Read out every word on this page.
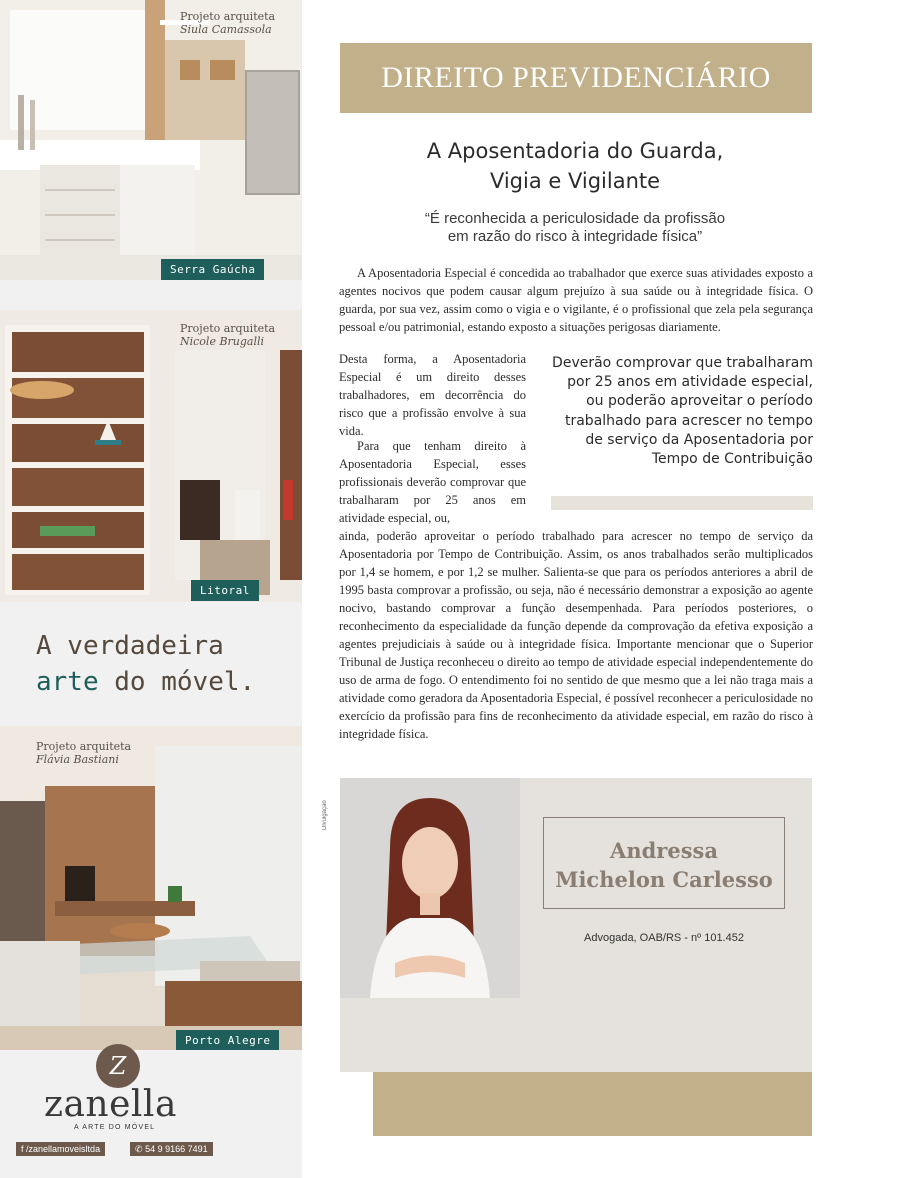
Projeto arquiteta
Siula Camassola
Serra Gaúcha
Projeto arquiteta
Nicole Brugalli
Litoral
A verdadeira
arte do móvel.
Projeto arquiteta
Flávia Bastiani
Porto Alegre
Z
zanella
A ARTE DO MÓVEL
f /zanellamoveisltda	✆ 54 9 9166 7491
DIREITO PREVIDENCIÁRIO
A Aposentadoria do Guarda,
Vigia e Vigilante
“É reconhecida a periculosidade da profissão
em razão do risco à integridade física”
A Aposentadoria Especial é concedida ao trabalhador que exerce suas atividades exposto a agentes nocivos que podem causar algum prejuízo à sua saúde ou à integridade física. O guarda, por sua vez, assim como o vigia e o vigilante, é o profissional que zela pela segurança pessoal e/ou patrimonial, estando exposto a situações perigosas diariamente.
Desta forma, a Aposentadoria Especial é um direito desses trabalhadores, em decorrência do risco que a profissão envolve à sua vida.
Para que tenham direito à Aposentadoria Especial, esses profissionais deverão comprovar que trabalharam por 25 anos em atividade especial, ou,
ainda, poderão aproveitar o período trabalhado para acrescer no tempo de serviço da Aposentadoria por Tempo de Contribuição. Assim, os anos trabalhados serão multiplicados por 1,4 se homem, e por 1,2 se mulher. Salienta-se que para os períodos anteriores a abril de 1995 basta comprovar a profissão, ou seja, não é necessário demonstrar a exposição ao agente nocivo, bastando comprovar a função desempenhada. Para períodos posteriores, o reconhecimento da especialidade da função depende da comprovação da efetiva exposição a agentes prejudiciais à saúde ou à integridade física. Importante mencionar que o Superior Tribunal de Justiça reconheceu o direito ao tempo de atividade especial independentemente do uso de arma de fogo. O entendimento foi no sentido de que mesmo que a lei não traga mais a atividade como geradora da Aposentadoria Especial, é possível reconhecer a periculosidade no exercício da profissão para fins de reconhecimento da atividade especial, em razão do risco à integridade física.
Deverão comprovar que trabalharam por 25 anos em atividade especial, ou poderão aproveitar o período trabalhado para acrescer no tempo de serviço da Aposentadoria por Tempo de Contribuição
Divulgação
Andressa
Michelon Carlesso
Advogada, OAB/RS - nº 101.452
